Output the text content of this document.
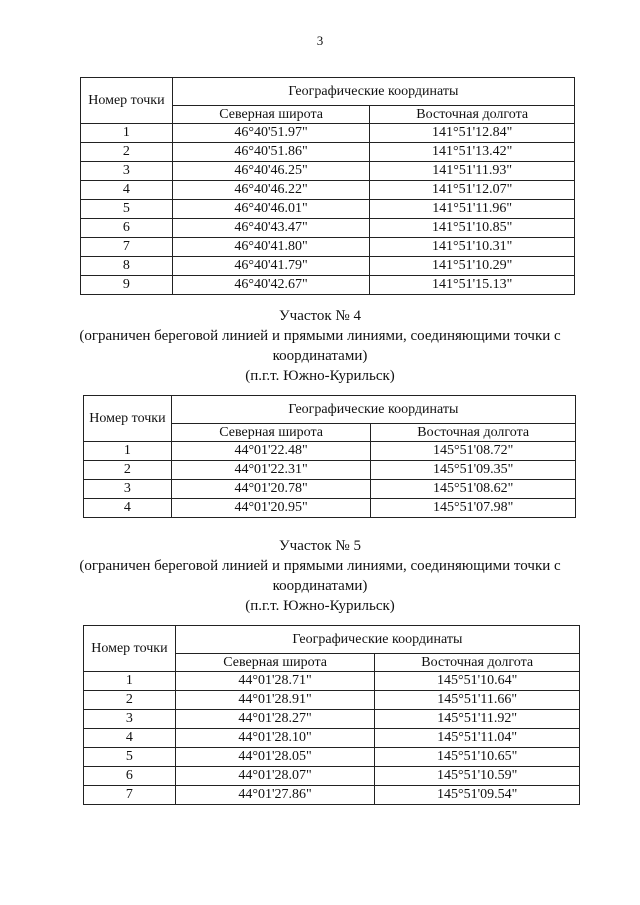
3
Номер точки	Географические координаты	
	Северная широта	Восточная долгота
1	46°40'51.97"	141°51'12.84"
2	46°40'51.86"	141°51'13.42"
3	46°40'46.25"	141°51'11.93"
4	46°40'46.22"	141°51'12.07"
5	46°40'46.01"	141°51'11.96"
6	46°40'43.47"	141°51'10.85"
7	46°40'41.80"	141°51'10.31"
8	46°40'41.79"	141°51'10.29"
9	46°40'42.67"	141°51'15.13"
Участок № 4
(ограничен береговой линией и прямыми линиями, соединяющими точки с
координатами)
(п.г.т. Южно-Курильск)
Номер точки	Географические координаты	
	Северная широта	Восточная долгота
1	44°01'22.48"	145°51'08.72"
2	44°01'22.31"	145°51'09.35"
3	44°01'20.78"	145°51'08.62"
4	44°01'20.95"	145°51'07.98"
Участок № 5
(ограничен береговой линией и прямыми линиями, соединяющими точки с
координатами)
(п.г.т. Южно-Курильск)
Номер точки	Географические координаты	
	Северная широта	Восточная долгота
1	44°01'28.71"	145°51'10.64"
2	44°01'28.91"	145°51'11.66"
3	44°01'28.27"	145°51'11.92"
4	44°01'28.10"	145°51'11.04"
5	44°01'28.05"	145°51'10.65"
6	44°01'28.07"	145°51'10.59"
7	44°01'27.86"	145°51'09.54"
